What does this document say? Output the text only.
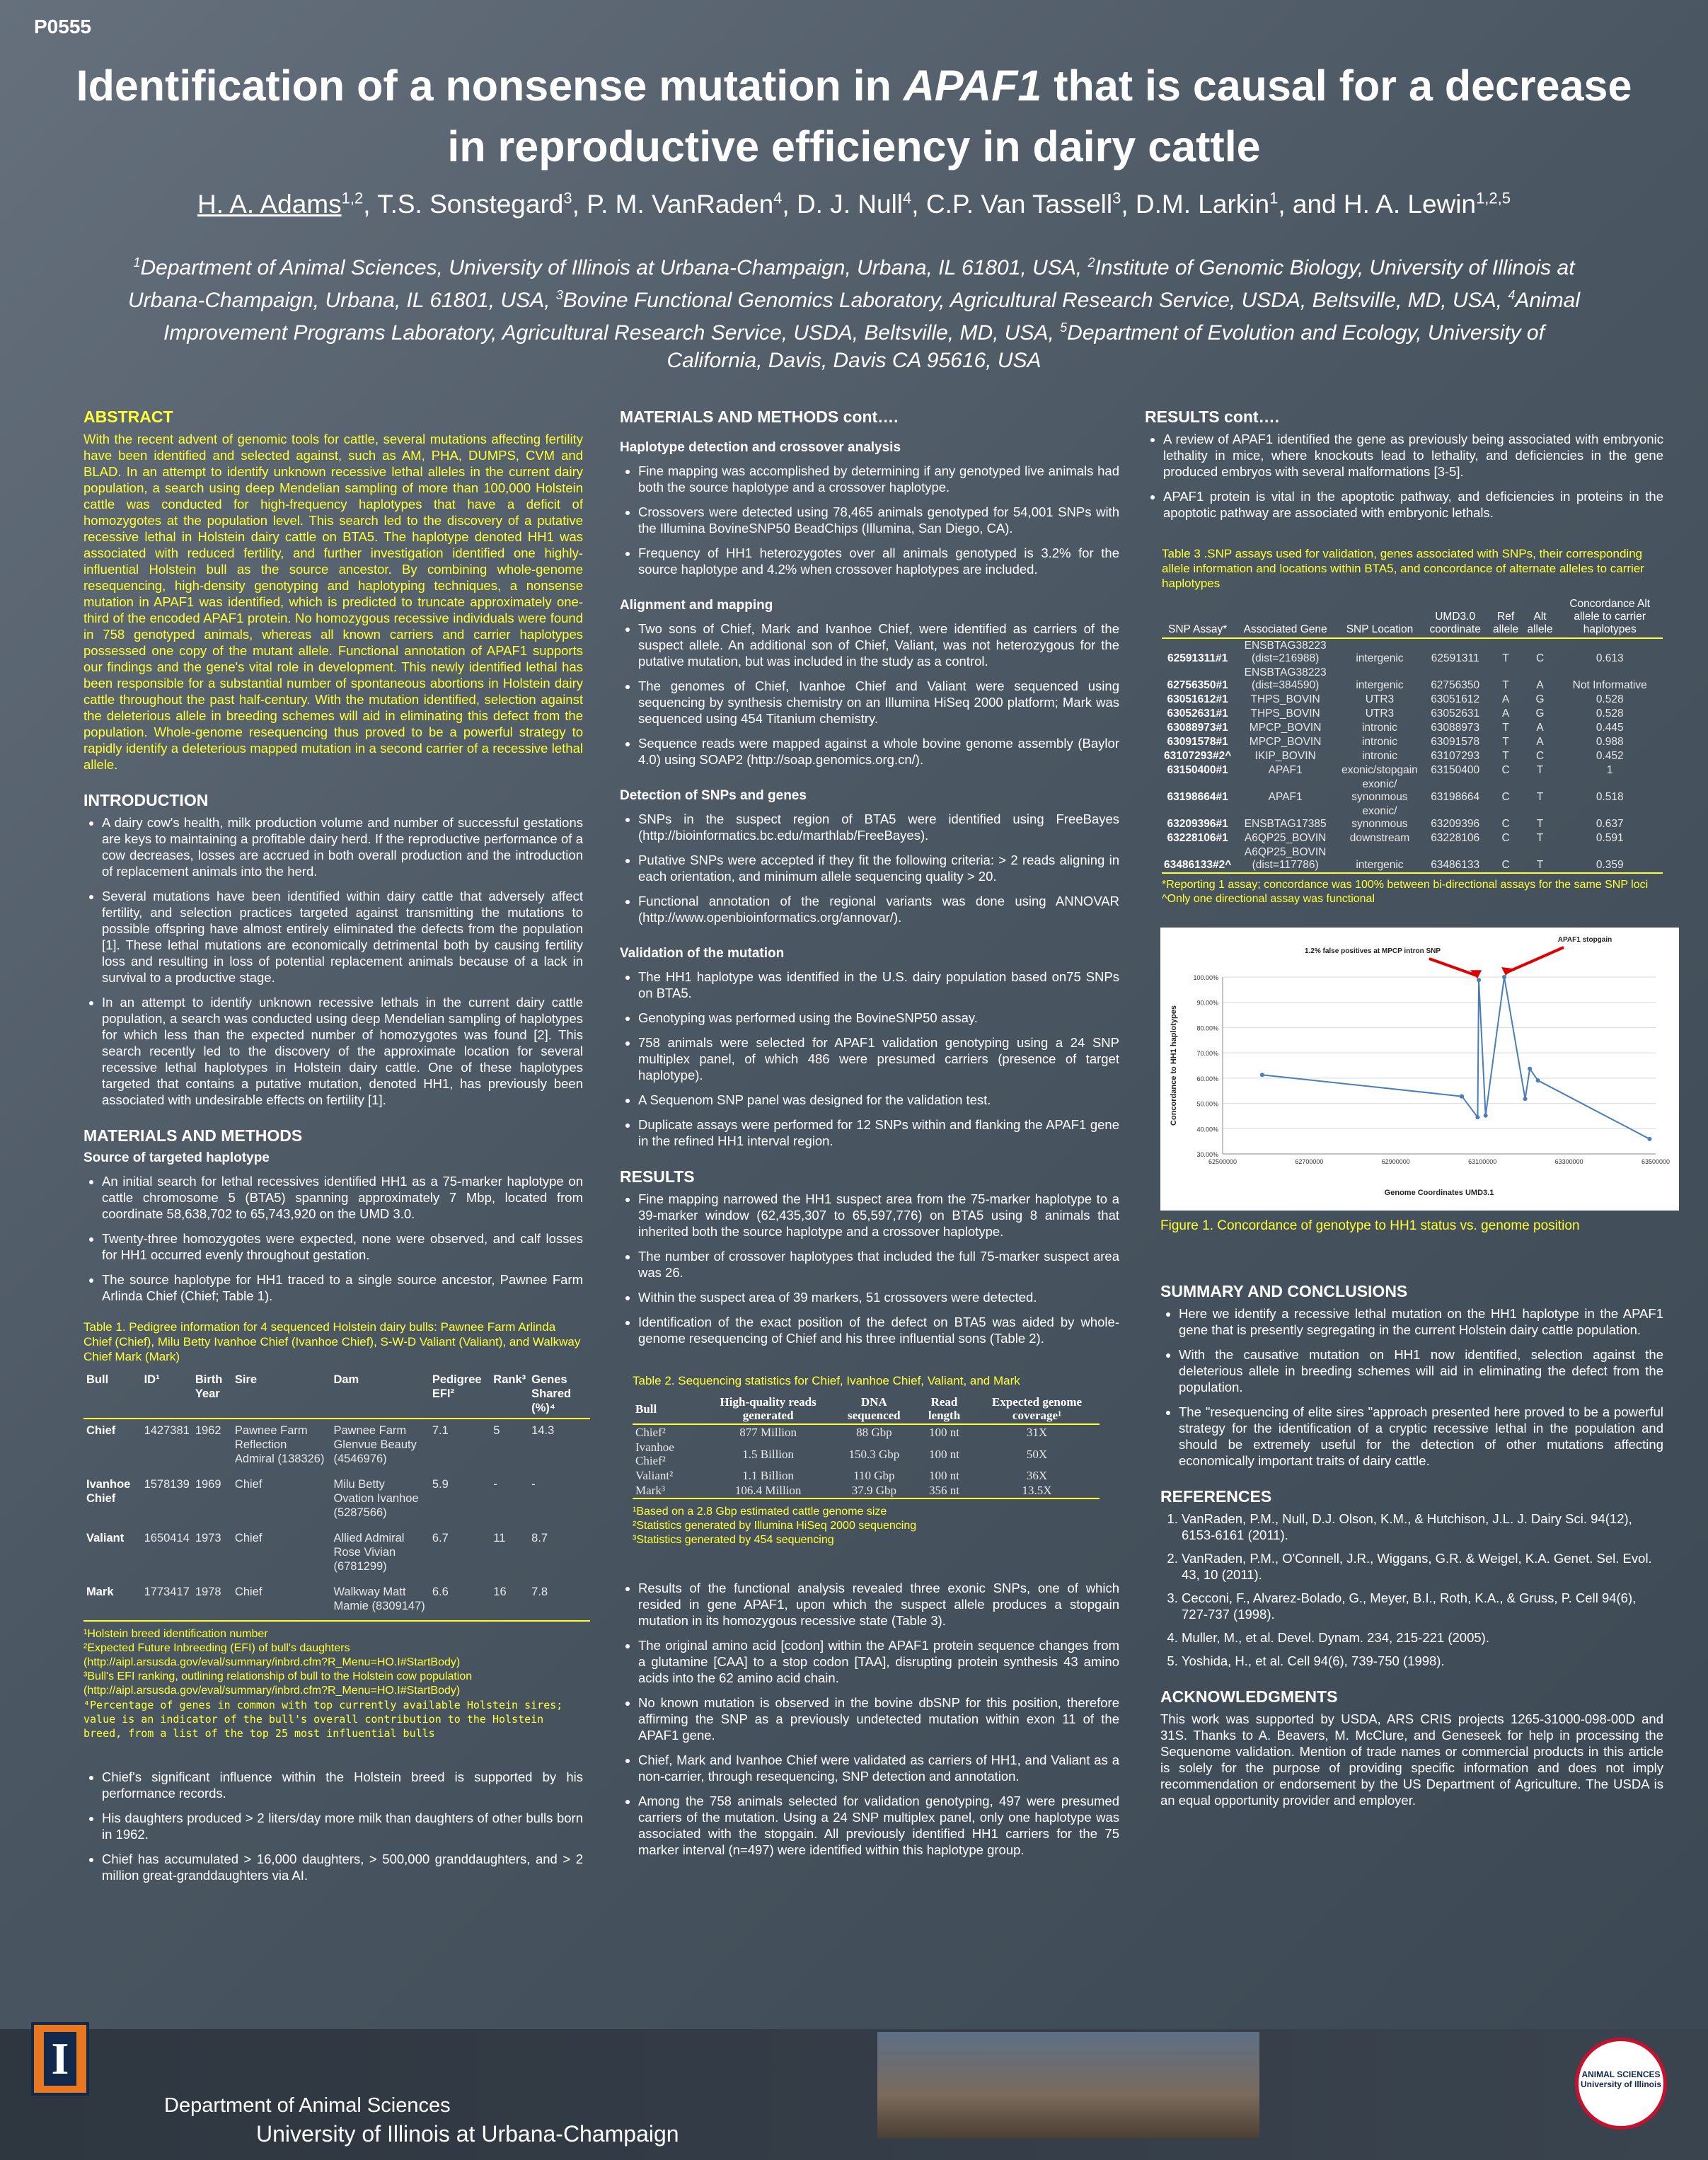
P0555
Identification of a nonsense mutation in APAF1 that is causal for a decrease in reproductive efficiency in dairy cattle
H. A. Adams$^{1,2}$, T.S. Sonstegard$^3$, P. M. VanRaden$^4$, D. J. Null$^4$, C.P. Van Tassell$^3$, D.M. Larkin$^1$, and H. A. Lewin$^{1,2,5}$
$^1$Department of Animal Sciences, University of Illinois at Urbana-Champaign, Urbana, IL 61801, USA, $^2$Institute of Genomic Biology, University of Illinois at Urbana-Champaign, Urbana, IL 61801, USA, $^3$Bovine Functional Genomics Laboratory, Agricultural Research Service, USDA, Beltsville, MD, USA, $^4$Animal Improvement Programs Laboratory, Agricultural Research Service, USDA, Beltsville, MD, USA, $^5$Department of Evolution and Ecology, University of California, Davis, Davis CA 95616, USA
ABSTRACT

With the recent advent of genomic tools for cattle, several mutations affecting fertility have been identified and selected against, such as AM, PHA, DUMPS, CVM and BLAD. In an attempt to identify unknown recessive lethal alleles in the current dairy population, a search using deep Mendelian sampling of more than 100,000 Holstein cattle was conducted for high-frequency haplotypes that have a deficit of homozygotes at the population level. This search led to the discovery of a putative recessive lethal in Holstein dairy cattle on BTA5. The haplotype denoted HH1 was associated with reduced fertility, and further investigation identified one highly-influential Holstein bull as the source ancestor. By combining whole-genome resequencing, high-density genotyping and haplotyping techniques, a nonsense mutation in APAF1 was identified, which is predicted to truncate approximately one-third of the encoded APAF1 protein. No homozygous recessive individuals were found in 758 genotyped animals, whereas all known carriers and carrier haplotypes possessed one copy of the mutant allele. Functional annotation of APAF1 supports our findings and the gene's vital role in development. This newly identified lethal has been responsible for a substantial number of spontaneous abortions in Holstein dairy cattle throughout the past half-century. With the mutation identified, selection against the deleterious allele in breeding schemes will aid in eliminating this defect from the population. Whole-genome resequencing thus proved to be a powerful strategy to rapidly identify a deleterious mapped mutation in a second carrier of a recessive lethal allele.

INTRODUCTION
• A dairy cow's health, milk production volume and number of successful gestations are keys to maintaining a profitable dairy herd. If the reproductive performance of a cow decreases, losses are accrued in both overall production and the introduction of replacement animals into the herd.
• Several mutations have been identified within dairy cattle that adversely affect fertility, and selection practices targeted against transmitting the mutations to possible offspring have almost entirely eliminated the defects from the population [1]. These lethal mutations are economically detrimental both by causing fertility loss and resulting in loss of potential replacement animals because of a lack in survival to a productive stage.
• In an attempt to identify unknown recessive lethals in the current dairy cattle population, a search was conducted using deep Mendelian sampling of haplotypes for which less than the expected number of homozygotes was found [2]. This search recently led to the discovery of the approximate location for several recessive lethal haplotypes in Holstein dairy cattle. One of these haplotypes targeted that contains a putative mutation, denoted HH1, has previously been associated with undesirable effects on fertility [1].
MATERIALS AND METHODS
Source of targeted haplotype
• An initial search for lethal recessives identified HH1 as a 75-marker haplotype on cattle chromosome 5 (BTA5) spanning approximately 7 Mbp, located from coordinate 58,638,702 to 65,743,920 on the UMD 3.0.
• Twenty-three homozygotes were expected, none were observed, and calf losses for HH1 occurred evenly throughout gestation.
• The source haplotype for HH1 traced to a single source ancestor, Pawnee Farm Arlinda Chief (Chief; Table 1).
Table 1. Pedigree information for 4 sequenced Holstein dairy bulls: Pawnee Farm Arlinda Chief (Chief), Milu Betty Ivanhoe Chief (Ivanhoe Chief), S-W-D Valiant (Valiant), and Walkway Chief Mark (Mark)
Bull	ID¹	Birth Year	Sire	Dam	Pedigree EFI²	Rank³	Genes Shared (%)⁴
Chief	1427381	1962	Pawnee Farm Reflection Admiral (138326)	Pawnee Farm Glenvue Beauty (4546976)	7.1	5	14.3
Ivanhoe Chief	1578139	1969	Chief	Milu Betty Ovation Ivanhoe (5287566)	5.9	-	-
Valiant	1650414	1973	Chief	Allied Admiral Rose Vivian (6781299)	6.7	11	8.7
Mark	1773417	1978	Chief	Walkway Matt Mamie (8309147)	6.6	16	7.8
¹Holstein breed identification number
²Expected Future Inbreeding (EFI) of bull's daughters (http://aipl.arsusda.gov/eval/summary/inbrd.cfm?R_Menu=HO.I#StartBody)
³Bull's EFI ranking, outlining relationship of bull to the Holstein cow population (http://aipl.arsusda.gov/eval/summary/inbrd.cfm?R_Menu=HO.I#StartBody)
⁴Percentage of genes in common with top currently available Holstein sires; value is an indicator of the bull's overall contribution to the Holstein breed, from a list of the top 25 most influential bulls
• Chief's significant influence within the Holstein breed is supported by his performance records.
• His daughters produced > 2 liters/day more milk than daughters of other bulls born in 1962.
• Chief has accumulated > 16,000 daughters, > 500,000 granddaughters, and > 2 million great-granddaughters via AI.
MATERIALS AND METHODS cont….
Haplotype detection and crossover analysis
• Fine mapping was accomplished by determining if any genotyped live animals had both the source haplotype and a crossover haplotype.
• Crossovers were detected using 78,465 animals genotyped for 54,001 SNPs with the Illumina BovineSNP50 BeadChips (Illumina, San Diego, CA).
• Frequency of HH1 heterozygotes over all animals genotyped is 3.2% for the source haplotype and 4.2% when crossover haplotypes are included.
Alignment and mapping
• Two sons of Chief, Mark and Ivanhoe Chief, were identified as carriers of the suspect allele. An additional son of Chief, Valiant, was not heterozygous for the putative mutation, but was included in the study as a control.
• The genomes of Chief, Ivanhoe Chief and Valiant were sequenced using sequencing by synthesis chemistry on an Illumina HiSeq 2000 platform; Mark was sequenced using 454 Titanium chemistry.
• Sequence reads were mapped against a whole bovine genome assembly (Baylor 4.0) using SOAP2 (http://soap.genomics.org.cn/).
Detection of SNPs and genes
• SNPs in the suspect region of BTA5 were identified using FreeBayes (http://bioinformatics.bc.edu/marthlab/FreeBayes).
• Putative SNPs were accepted if they fit the following criteria: > 2 reads aligning in each orientation, and minimum allele sequencing quality > 20.
• Functional annotation of the regional variants was done using ANNOVAR (http://www.openbioinformatics.org/annovar/).
Validation of the mutation
• The HH1 haplotype was identified in the U.S. dairy population based on75 SNPs on BTA5.
• Genotyping was performed using the BovineSNP50 assay.
• 758 animals were selected for APAF1 validation genotyping using a 24 SNP multiplex panel, of which 486 were presumed carriers (presence of target haplotype).
• A Sequenom SNP panel was designed for the validation test.
• Duplicate assays were performed for 12 SNPs within and flanking the APAF1 gene in the refined HH1 interval region.
RESULTS
• Fine mapping narrowed the HH1 suspect area from the 75-marker haplotype to a 39-marker window (62,435,307 to 65,597,776) on BTA5 using 8 animals that inherited both the source haplotype and a crossover haplotype.
• The number of crossover haplotypes that included the full 75-marker suspect area was 26.
• Within the suspect area of 39 markers, 51 crossovers were detected.
• Identification of the exact position of the defect on BTA5 was aided by whole-genome resequencing of Chief and his three influential sons (Table 2).
Table 2. Sequencing statistics for Chief, Ivanhoe Chief, Valiant, and Mark
Bull	High-quality reads generated	DNA sequenced	Read length	Expected genome coverage¹
Chief²	877 Million	88 Gbp	100 nt	31X
Ivanhoe Chief²	1.5 Billion	150.3 Gbp	100 nt	50X
Valiant²	1.1 Billion	110 Gbp	100 nt	36X
Mark³	106.4 Million	37.9 Gbp	356 nt	13.5X
¹Based on a 2.8 Gbp estimated cattle genome size
²Statistics generated by Illumina HiSeq 2000 sequencing
³Statistics generated by 454 sequencing
• Results of the functional analysis revealed three exonic SNPs, one of which resided in gene APAF1, upon which the suspect allele produces a stopgain mutation in its homozygous recessive state (Table 3).
• The original amino acid [codon] within the APAF1 protein sequence changes from a glutamine [CAA] to a stop codon [TAA], disrupting protein synthesis 43 amino acids into the 62 amino acid chain.
• No known mutation is observed in the bovine dbSNP for this position, therefore affirming the SNP as a previously undetected mutation within exon 11 of the APAF1 gene.
• Chief, Mark and Ivanhoe Chief were validated as carriers of HH1, and Valiant as a non-carrier, through resequencing, SNP detection and annotation.
• Among the 758 animals selected for validation genotyping, 497 were presumed carriers of the mutation. Using a 24 SNP multiplex panel, only one haplotype was associated with the stopgain. All previously identified HH1 carriers for the 75 marker interval (n=497) were identified within this haplotype group.
RESULTS cont….
• A review of APAF1 identified the gene as previously being associated with embryonic lethality in mice, where knockouts lead to lethality, and deficiencies in the gene produced embryos with several malformations [3-5].
• APAF1 protein is vital in the apoptotic pathway, and deficiencies in proteins in the apoptotic pathway are associated with embryonic lethals.
Table 3 .SNP assays used for validation, genes associated with SNPs, their corresponding allele information and locations within BTA5, and concordance of alternate alleles to carrier haplotypes
SNP Assay*	Associated Gene	SNP Location	UMD3.0 coordinate	Ref allele	Alt allele	Concordance Alt allele to carrier haplotypes
62591311#1	ENSBTAG38223 (dist=216988)	intergenic	62591311	T	C	0.613
62756350#1	ENSBTAG38223 (dist=384590)	intergenic	62756350	T	A	Not Informative
63051612#1	THPS_BOVIN	UTR3	63051612	A	G	0.528
63052631#1	THPS_BOVIN	UTR3	63052631	A	G	0.528
63088973#1	MPCP_BOVIN	intronic	63088973	T	A	0.445
63091578#1	MPCP_BOVIN	intronic	63091578	T	A	0.988
63107293#2^	IKIP_BOVIN	intronic	63107293	T	C	0.452
63150400#1	APAF1	exonic/stopgain	63150400	C	T	1
63198664#1	APAF1	exonic/ synonmous	63198664	C	T	0.518
63209396#1	ENSBTAG17385	exonic/ synonmous	63209396	C	T	0.637
63228106#1	A6QP25_BOVIN	downstream	63228106	C	T	0.591
63486133#2^	A6QP25_BOVIN (dist=117786)	intergenic	63486133	C	T	0.359
*Reporting 1 assay; concordance was 100% between bi-directional assays for the same SNP loci
^Only one directional assay was functional
30.00%
40.00%
50.00%
60.00%
70.00%
80.00%
90.00%
100.00%
62500000	62700000	62900000	63100000	63300000	63500000
Genome Coordinates UMD3.1
Concordance to HH1 haplotypes
1.2% false positives at MPCP intron SNP
APAF1 stopgain
Figure 1. Concordance of genotype to HH1 status vs. genome position
SUMMARY AND CONCLUSIONS
• Here we identify a recessive lethal mutation on the HH1 haplotype in the APAF1 gene that is presently segregating in the current Holstein dairy cattle population.
• With the causative mutation on HH1 now identified, selection against the deleterious allele in breeding schemes will aid in eliminating the defect from the population.
• The "resequencing of elite sires "approach presented here proved to be a powerful strategy for the identification of a cryptic recessive lethal in the population and should be extremely useful for the detection of other mutations affecting economically important traits of dairy cattle.
REFERENCES
1. VanRaden, P.M., Null, D.J. Olson, K.M., & Hutchison, J.L. J. Dairy Sci. 94(12), 6153-6161 (2011).
2. VanRaden, P.M., O'Connell, J.R., Wiggans, G.R. & Weigel, K.A. Genet. Sel. Evol. 43, 10 (2011).
3. Cecconi, F., Alvarez-Bolado, G., Meyer, B.I., Roth, K.A., & Gruss, P. Cell 94(6), 727-737 (1998).
4. Muller, M., et al. Devel. Dynam. 234, 215-221 (2005).
5. Yoshida, H., et al. Cell 94(6), 739-750 (1998).
ACKNOWLEDGMENTS

This work was supported by USDA, ARS CRIS projects 1265-31000-098-00D and 31S. Thanks to A. Beavers, M. McClure, and Geneseek for help in processing the Sequenome validation. Mention of trade names or commercial products in this article is solely for the purpose of providing specific information and does not imply recommendation or endorsement by the US Department of Agriculture. The USDA is an equal opportunity provider and employer.

I
Department of Animal Sciences
University of Illinois at Urbana-Champaign
ANIMAL SCIENCES University of Illinois
